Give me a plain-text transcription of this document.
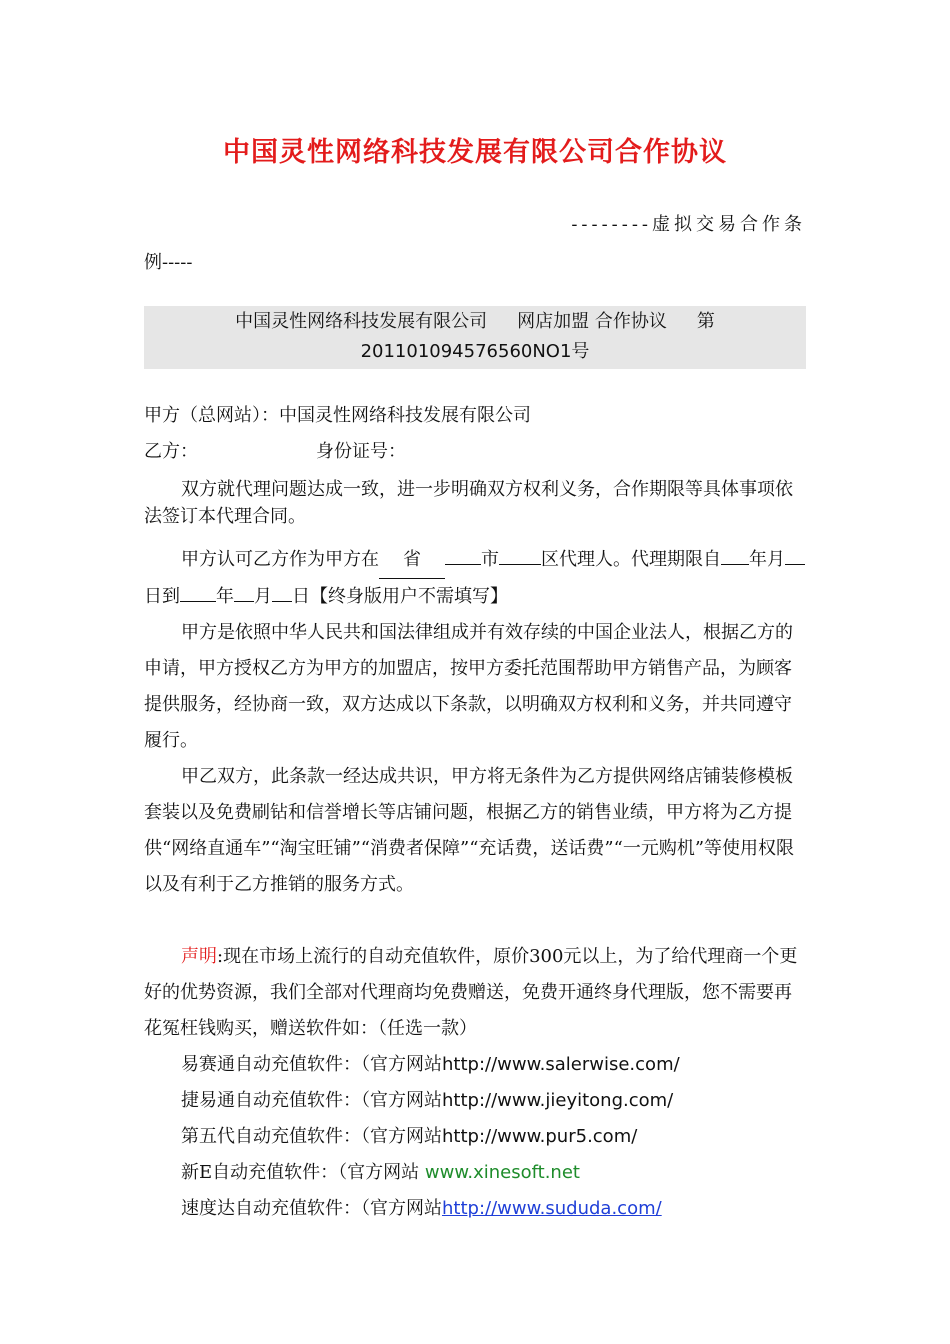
中国灵性网络科技发展有限公司合作协议
--------虚拟交易合作条
例-----
中国灵性网络科技发展有限公司 网店加盟 合作协议 第
201101094576560NO1号

甲方（总网站）：中国灵性网络科技发展有限公司

乙方：	身份证号：

双方就代理问题达成一致，进一步明确双方权利义务，合作期限等具体事项依法签订本代理合同。

甲方认可乙方作为甲方在 省	市 区代理人。代理期限自 年月日到 年 月 日【终身版用户不需填写】

甲方是依照中华人民共和国法律组成并有效存续的中国企业法人，根据乙方的申请，甲方授权乙方为甲方的加盟店，按甲方委托范围帮助甲方销售产品，为顾客提供服务，经协商一致，双方达成以下条款，以明确双方权利和义务，并共同遵守履行。

甲乙双方，此条款一经达成共识，甲方将无条件为乙方提供网络店铺装修模板套装以及免费刷钻和信誉增长等店铺问题，根据乙方的销售业绩，甲方将为乙方提供“网络直通车”“淘宝旺铺”“消费者保障”“充话费，送话费”“一元购机”等使用权限以及有利于乙方推销的服务方式。

声明:现在市场上流行的自动充值软件，原价300元以上，为了给代理商一个更好的优势资源，我们全部对代理商均免费赠送，免费开通终身代理版，您不需要再花冤枉钱购买，赠送软件如：（任选一款）

易赛通自动充值软件：（官方网站http://www.salerwise.com/

捷易通自动充值软件：（官方网站http://www.jieyitong.com/

第五代自动充值软件：（官方网站http://www.pur5.com/

新E自动充值软件：（官方网站 www.xinesoft.net

速度达自动充值软件：（官方网站http://www.sududa.com/
